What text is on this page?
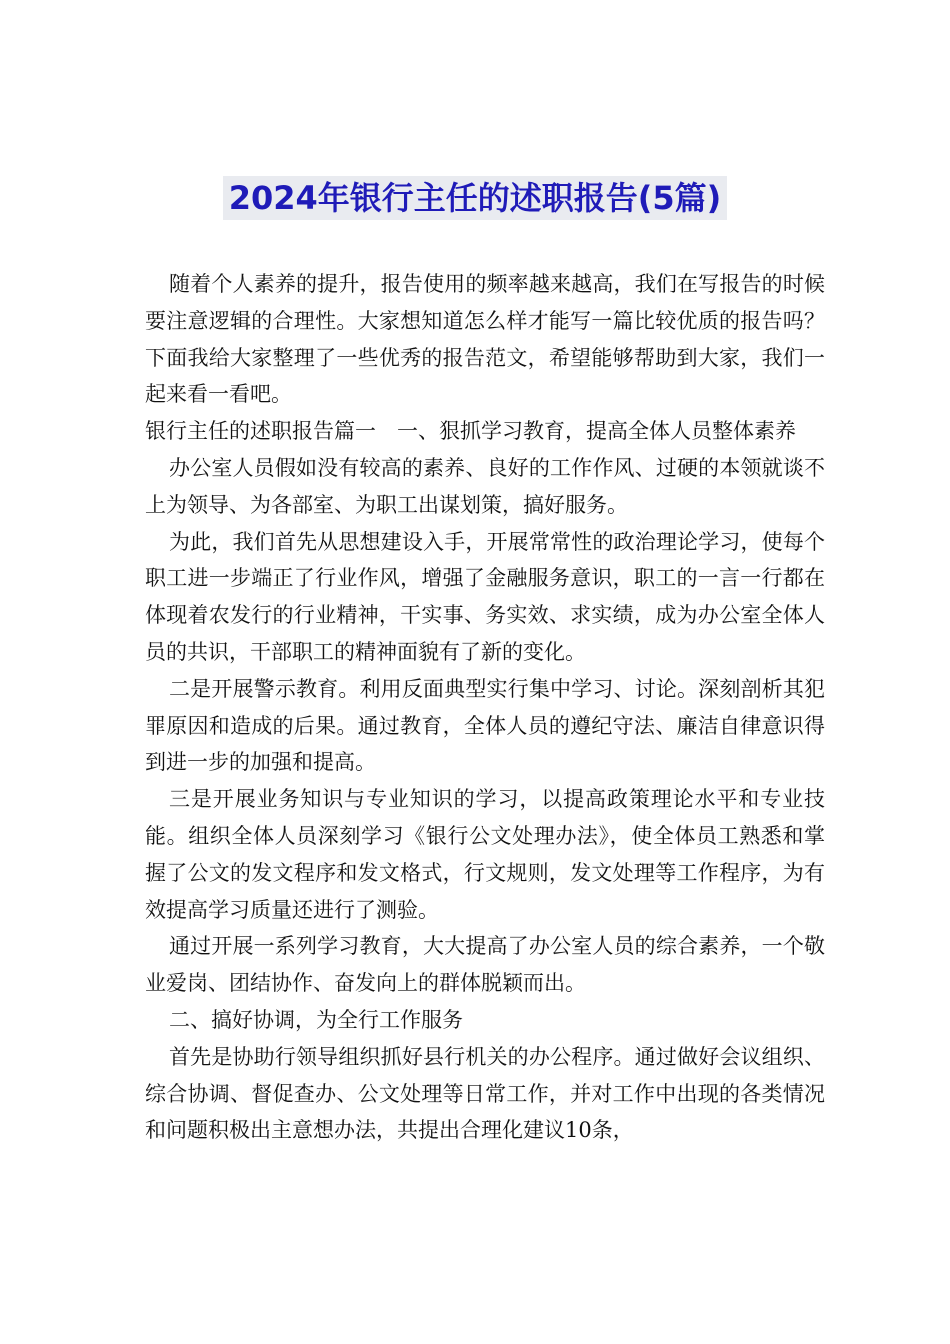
2024年银行主任的述职报告(5篇)

随着个人素养的提升，报告使用的频率越来越高，我们在写报告的时候要注意逻辑的合理性。大家想知道怎么样才能写一篇比较优质的报告吗？下面我给大家整理了一些优秀的报告范文，希望能够帮助到大家，我们一起来看一看吧。

银行主任的述职报告篇一　一、狠抓学习教育，提高全体人员整体素养

办公室人员假如没有较高的素养、良好的工作作风、过硬的本领就谈不上为领导、为各部室、为职工出谋划策，搞好服务。

为此，我们首先从思想建设入手，开展常常性的政治理论学习，使每个职工进一步端正了行业作风，增强了金融服务意识，职工的一言一行都在体现着农发行的行业精神，干实事、务实效、求实绩，成为办公室全体人员的共识，干部职工的精神面貌有了新的变化。

二是开展警示教育。利用反面典型实行集中学习、讨论。深刻剖析其犯罪原因和造成的后果。通过教育，全体人员的遵纪守法、廉洁自律意识得到进一步的加强和提高。

三是开展业务知识与专业知识的学习，以提高政策理论水平和专业技能。组织全体人员深刻学习《银行公文处理办法》，使全体员工熟悉和掌握了公文的发文程序和发文格式，行文规则，发文处理等工作程序，为有效提高学习质量还进行了测验。

通过开展一系列学习教育，大大提高了办公室人员的综合素养，一个敬业爱岗、团结协作、奋发向上的群体脱颖而出。

二、搞好协调，为全行工作服务

首先是协助行领导组织抓好县行机关的办公程序。通过做好会议组织、综合协调、督促查办、公文处理等日常工作，并对工作中出现的各类情况和问题积极出主意想办法，共提出合理化建议10条，
